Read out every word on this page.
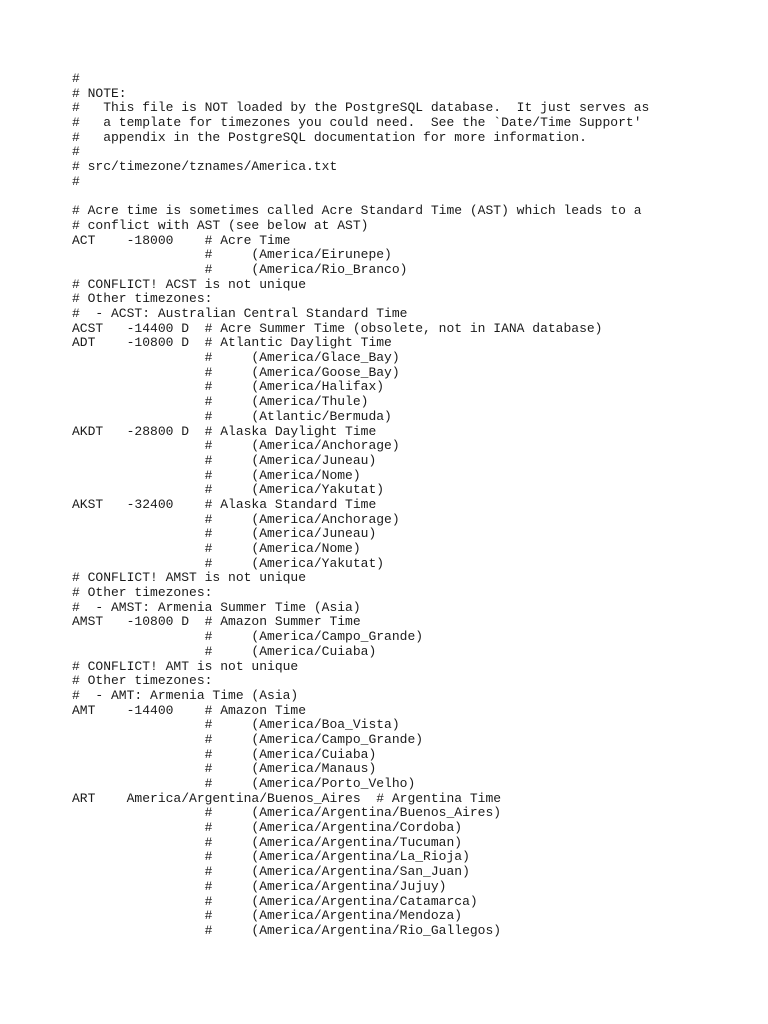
#
# NOTE:
#   This file is NOT loaded by the PostgreSQL database.  It just serves as
#   a template for timezones you could need.  See the `Date/Time Support'
#   appendix in the PostgreSQL documentation for more information.
#
# src/timezone/tznames/America.txt
#
# Acre time is sometimes called Acre Standard Time (AST) which leads to a
# conflict with AST (see below at AST)
ACT    -18000    # Acre Time
#     (America/Eirunepe)
#     (America/Rio_Branco)
# CONFLICT! ACST is not unique
# Other timezones:
#  - ACST: Australian Central Standard Time
ACST   -14400 D  # Acre Summer Time (obsolete, not in IANA database)
ADT    -10800 D  # Atlantic Daylight Time
#     (America/Glace_Bay)
#     (America/Goose_Bay)
#     (America/Halifax)
#     (America/Thule)
#     (Atlantic/Bermuda)
AKDT   -28800 D  # Alaska Daylight Time
#     (America/Anchorage)
#     (America/Juneau)
#     (America/Nome)
#     (America/Yakutat)
AKST   -32400    # Alaska Standard Time
#     (America/Anchorage)
#     (America/Juneau)
#     (America/Nome)
#     (America/Yakutat)
# CONFLICT! AMST is not unique
# Other timezones:
#  - AMST: Armenia Summer Time (Asia)
AMST   -10800 D  # Amazon Summer Time
#     (America/Campo_Grande)
#     (America/Cuiaba)
# CONFLICT! AMT is not unique
# Other timezones:
#  - AMT: Armenia Time (Asia)
AMT    -14400    # Amazon Time
#     (America/Boa_Vista)
#     (America/Campo_Grande)
#     (America/Cuiaba)
#     (America/Manaus)
#     (America/Porto_Velho)
ART    America/Argentina/Buenos_Aires  # Argentina Time
#     (America/Argentina/Buenos_Aires)
#     (America/Argentina/Cordoba)
#     (America/Argentina/Tucuman)
#     (America/Argentina/La_Rioja)
#     (America/Argentina/San_Juan)
#     (America/Argentina/Jujuy)
#     (America/Argentina/Catamarca)
#     (America/Argentina/Mendoza)
#     (America/Argentina/Rio_Gallegos)
